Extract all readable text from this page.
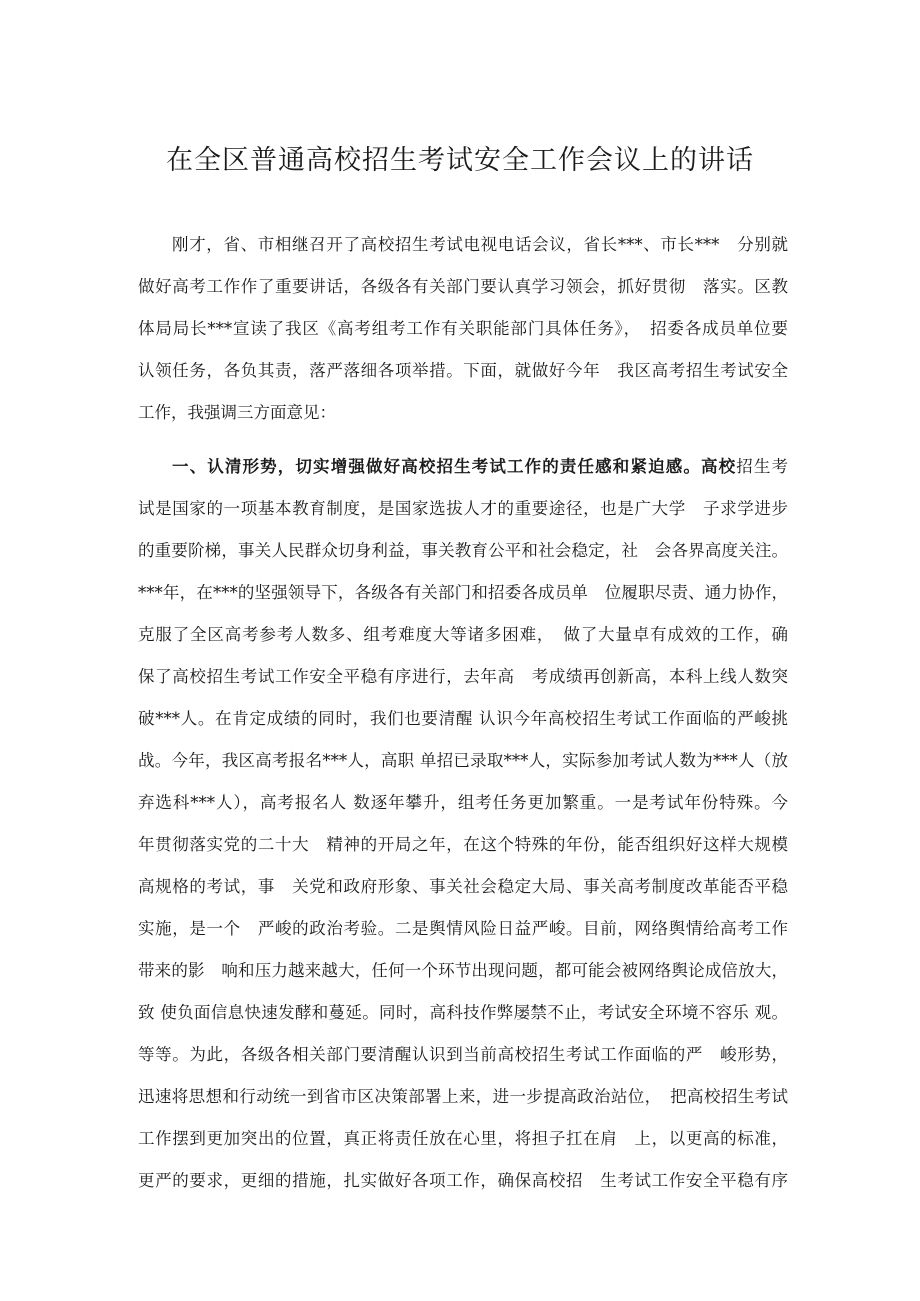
在全区普通高校招生考试安全工作会议上的讲话
刚才，省、市相继召开了高校招生考试电视电话会议，省长***、市长***　分别就
做好高考工作作了重要讲话，各级各有关部门要认真学习领会，抓好贯彻　落实。区教
体局局长***宣读了我区《高考组考工作有关职能部门具体任务》，　招委各成员单位要
认领任务，各负其责，落严落细各项举措。下面，就做好今年　我区高考招生考试安全
工作，我强调三方面意见：
一、认清形势，切实增强做好高校招生考试工作的责任感和紧迫感。高校招生考
试是国家的一项基本教育制度，是国家选拔人才的重要途径，也是广大学　子求学进步
的重要阶梯，事关人民群众切身利益，事关教育公平和社会稳定，社　会各界高度关注。
***年，在***的坚强领导下，各级各有关部门和招委各成员单　位履职尽责、通力协作，
克服了全区高考参考人数多、组考难度大等诸多困难，　做了大量卓有成效的工作，确
保了高校招生考试工作安全平稳有序进行，去年高　考成绩再创新高，本科上线人数突
破***人。在肯定成绩的同时，我们也要清醒 认识今年高校招生考试工作面临的严峻挑
战。今年，我区高考报名***人，高职 单招已录取***人，实际参加考试人数为***人（放
弃选科***人），高考报名人 数逐年攀升，组考任务更加繁重。一是考试年份特殊。今
年贯彻落实党的二十大　精神的开局之年，在这个特殊的年份，能否组织好这样大规模
高规格的考试，事　关党和政府形象、事关社会稳定大局、事关高考制度改革能否平稳
实施，是一个　严峻的政治考验。二是舆情风险日益严峻。目前，网络舆情给高考工作
带来的影　响和压力越来越大，任何一个环节出现问题，都可能会被网络舆论成倍放大，
致 使负面信息快速发酵和蔓延。同时，高科技作弊屡禁不止，考试安全环境不容乐 观。
等等。为此，各级各相关部门要清醒认识到当前高校招生考试工作面临的严　峻形势，
迅速将思想和行动统一到省市区决策部署上来，进一步提高政治站位，　把高校招生考试
工作摆到更加突出的位置，真正将责任放在心里，将担子扛在肩　上，以更高的标准，
更严的要求，更细的措施，扎实做好各项工作，确保高校招　生考试工作安全平稳有序
